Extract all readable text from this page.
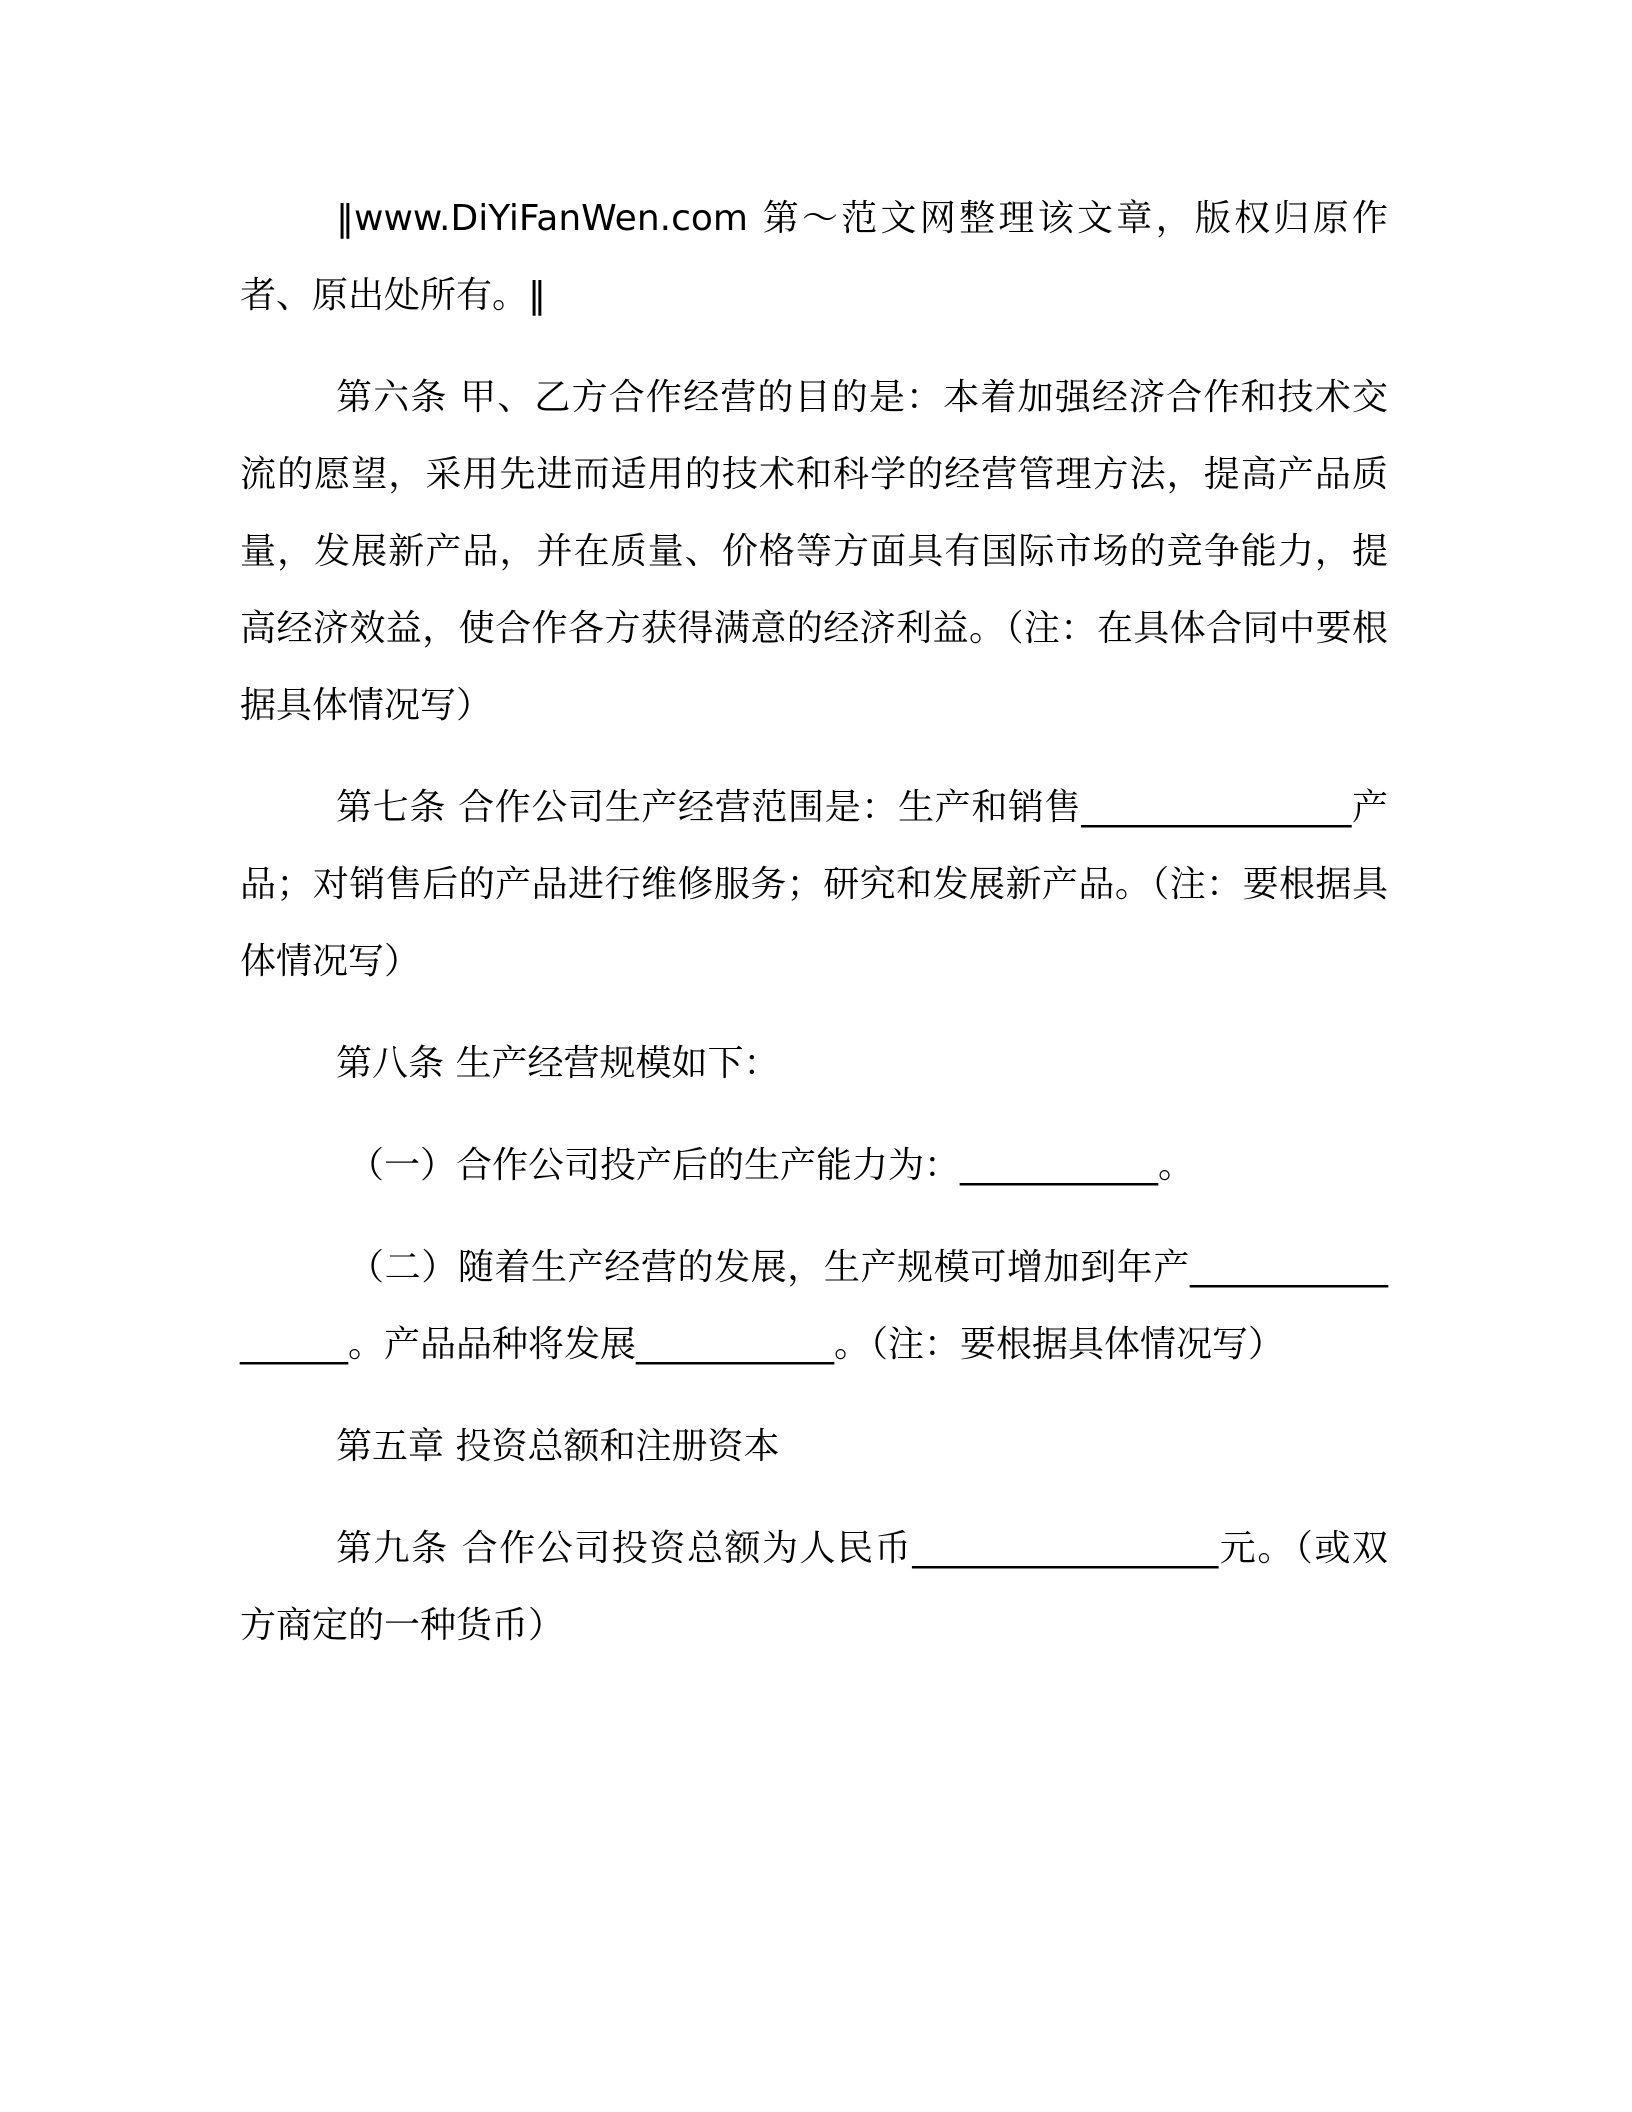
‖www.DiYiFanWen.com 第～范文网整理该文章，版权归原作者、原出处所有。‖

第六条 甲、乙方合作经营的目的是：本着加强经济合作和技术交流的愿望，采用先进而适用的技术和科学的经营管理方法，提高产品质量，发展新产品，并在质量、价格等方面具有国际市场的竞争能力，提高经济效益，使合作各方获得满意的经济利益。（注：在具体合同中要根据具体情况写）

第七条 合作公司生产经营范围是：生产和销售_______________产品；对销售后的产品进行维修服务；研究和发展新产品。（注：要根据具体情况写）

第八条 生产经营规模如下：

（一）合作公司投产后的生产能力为：___________。

（二）随着生产经营的发展，生产规模可增加到年产_________________。产品品种将发展___________。（注：要根据具体情况写）

第五章 投资总额和注册资本

第九条 合作公司投资总额为人民币_________________元。（或双方商定的一种货币）
